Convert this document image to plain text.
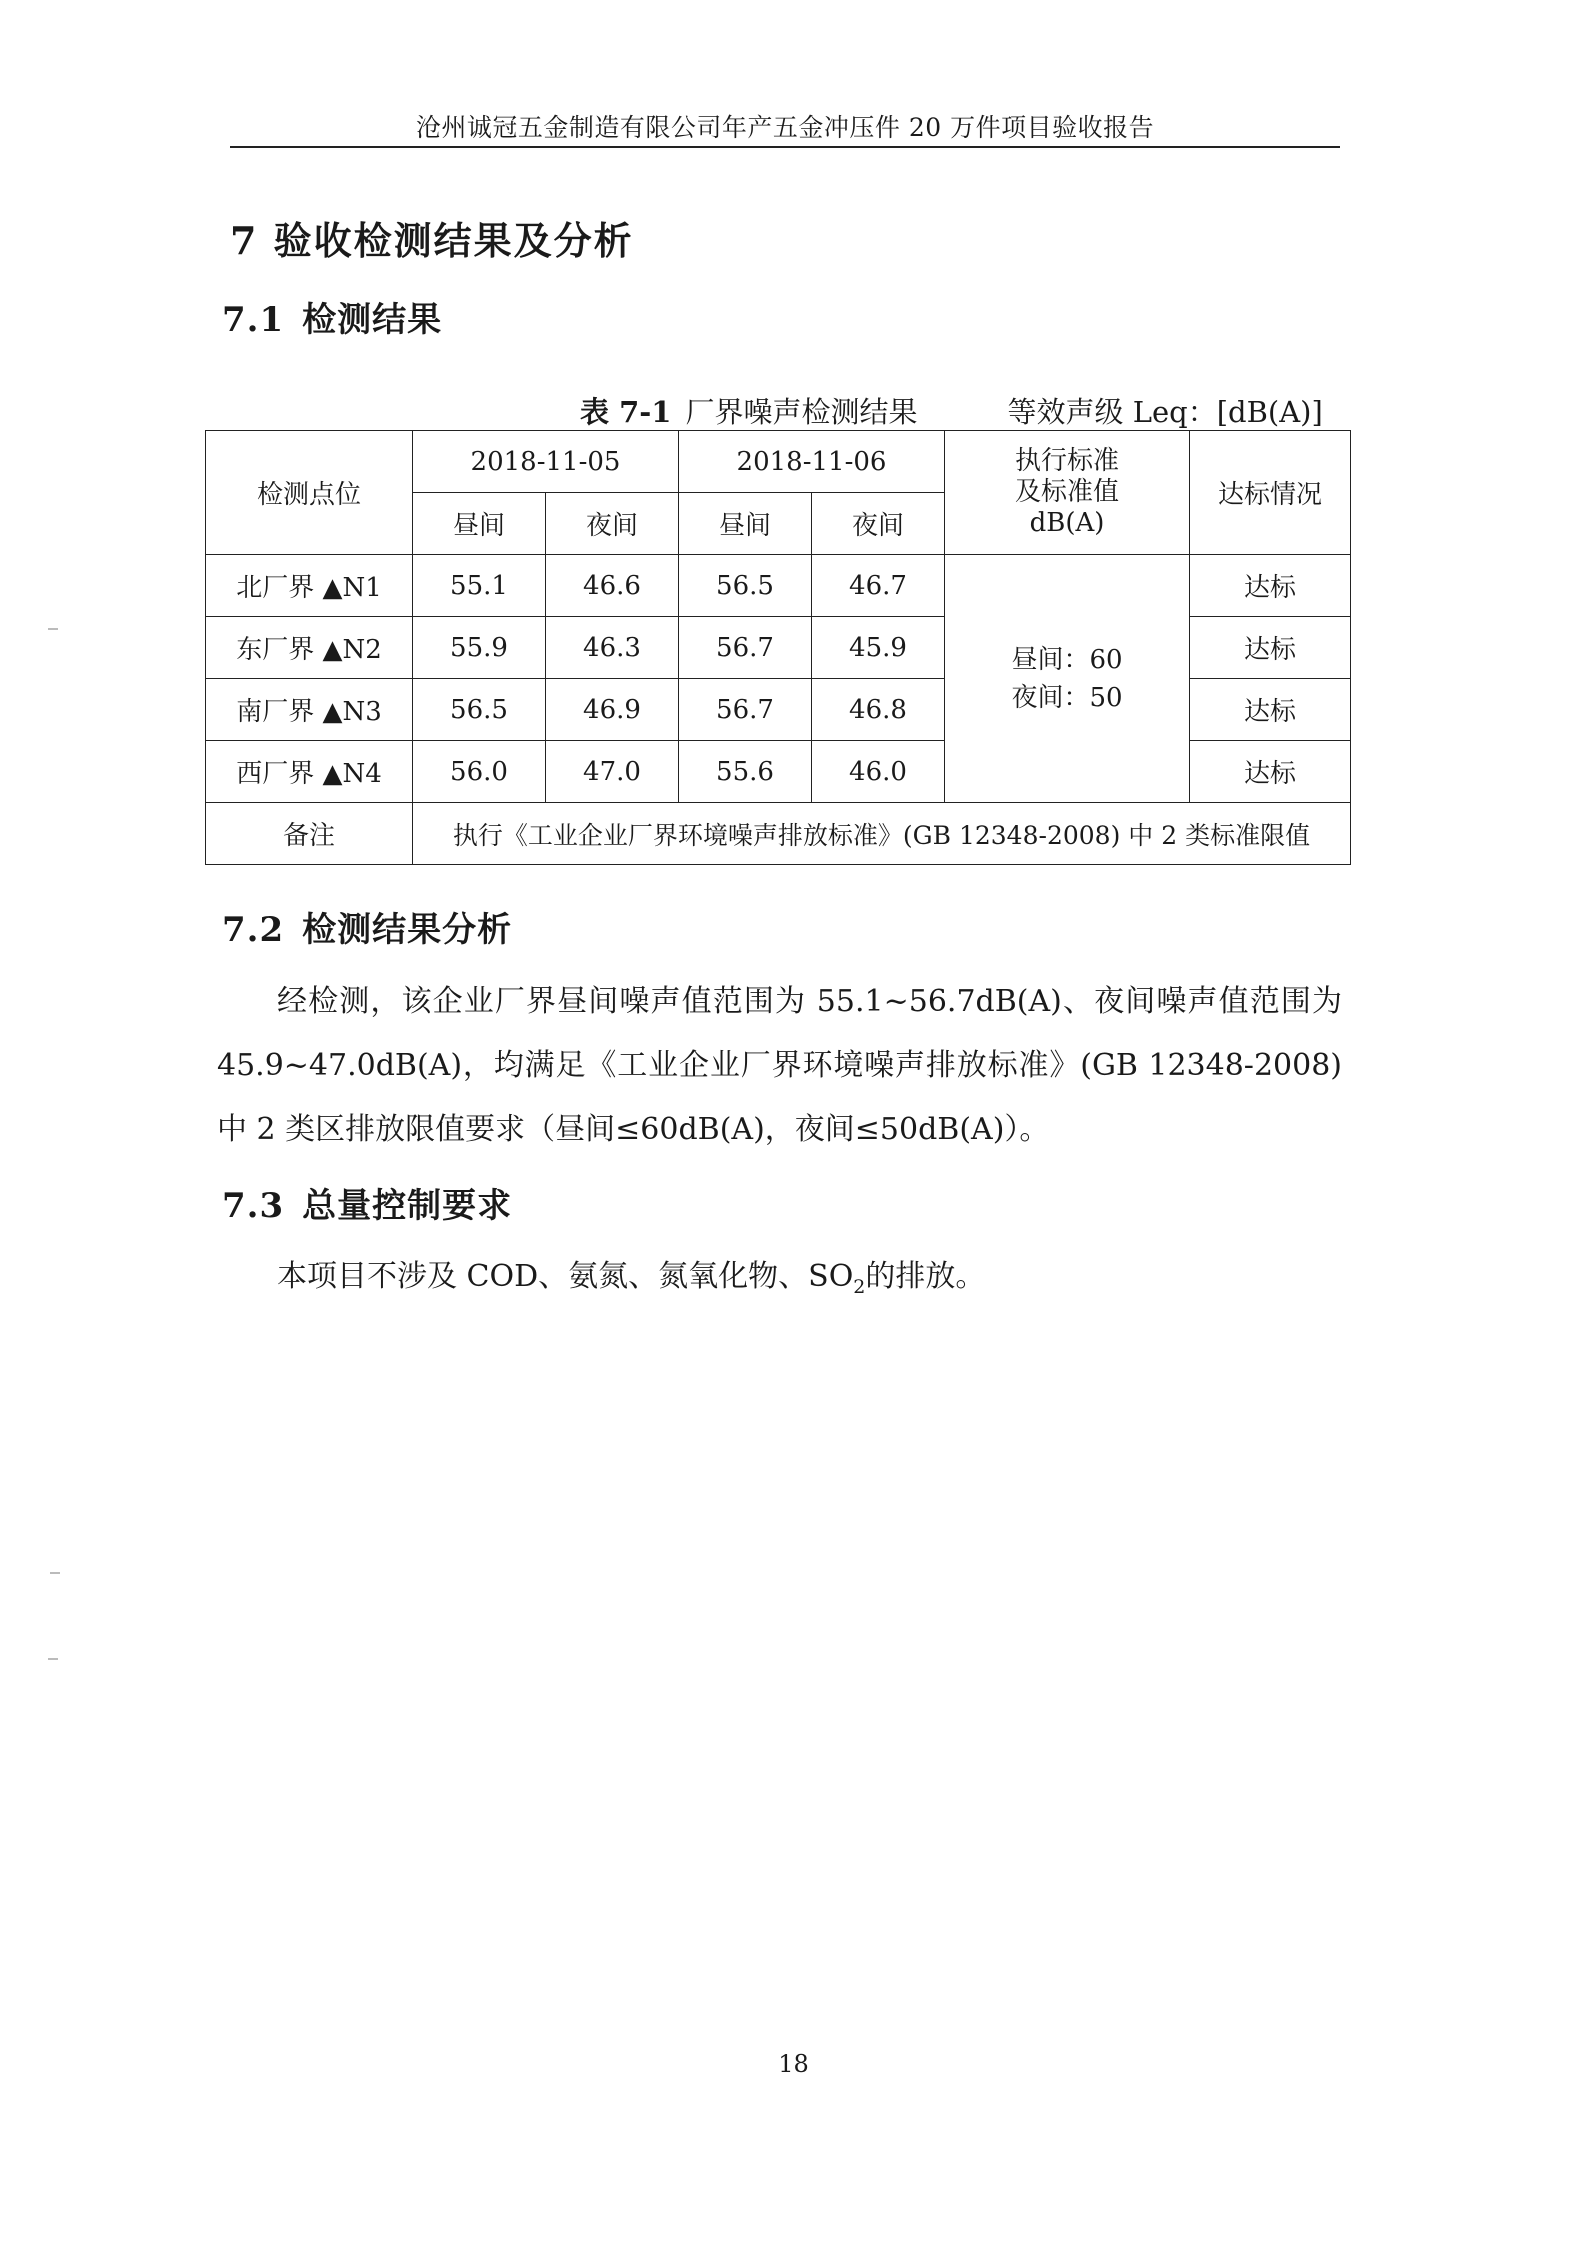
沧州诚冠五金制造有限公司年产五金冲压件 20 万件项目验收报告
7 验收检测结果及分析
7.1 检测结果
表 7-1 厂界噪声检测结果	等效声级 Leq：[dB(A)]
检测点位	2018-11-05		2018-11-06		执行标准
及标准值
dB(A)	达标情况
	昼间	夜间	昼间	夜间		
北厂界 ▲N1	55.1	46.6	56.5	46.7	昼间：60
夜间：50	达标
东厂界 ▲N2	55.9	46.3	56.7	45.9		达标
南厂界 ▲N3	56.5	46.9	56.7	46.8		达标
西厂界 ▲N4	56.0	47.0	55.6	46.0		达标
备注	执行《工业企业厂界环境噪声排放标准》(GB 12348-2008) 中 2 类标准限值					
7.2 检测结果分析
经检测，该企业厂界昼间噪声值范围为 55.1~56.7dB(A)、夜间噪声值范围为 45.9~47.0dB(A)，均满足《工业企业厂界环境噪声排放标准》(GB 12348-2008) 中 2 类区排放限值要求（昼间≤60dB(A)，夜间≤50dB(A)）。
7.3 总量控制要求
本项目不涉及 COD、氨氮、氮氧化物、$SO_2$的排放。
18
